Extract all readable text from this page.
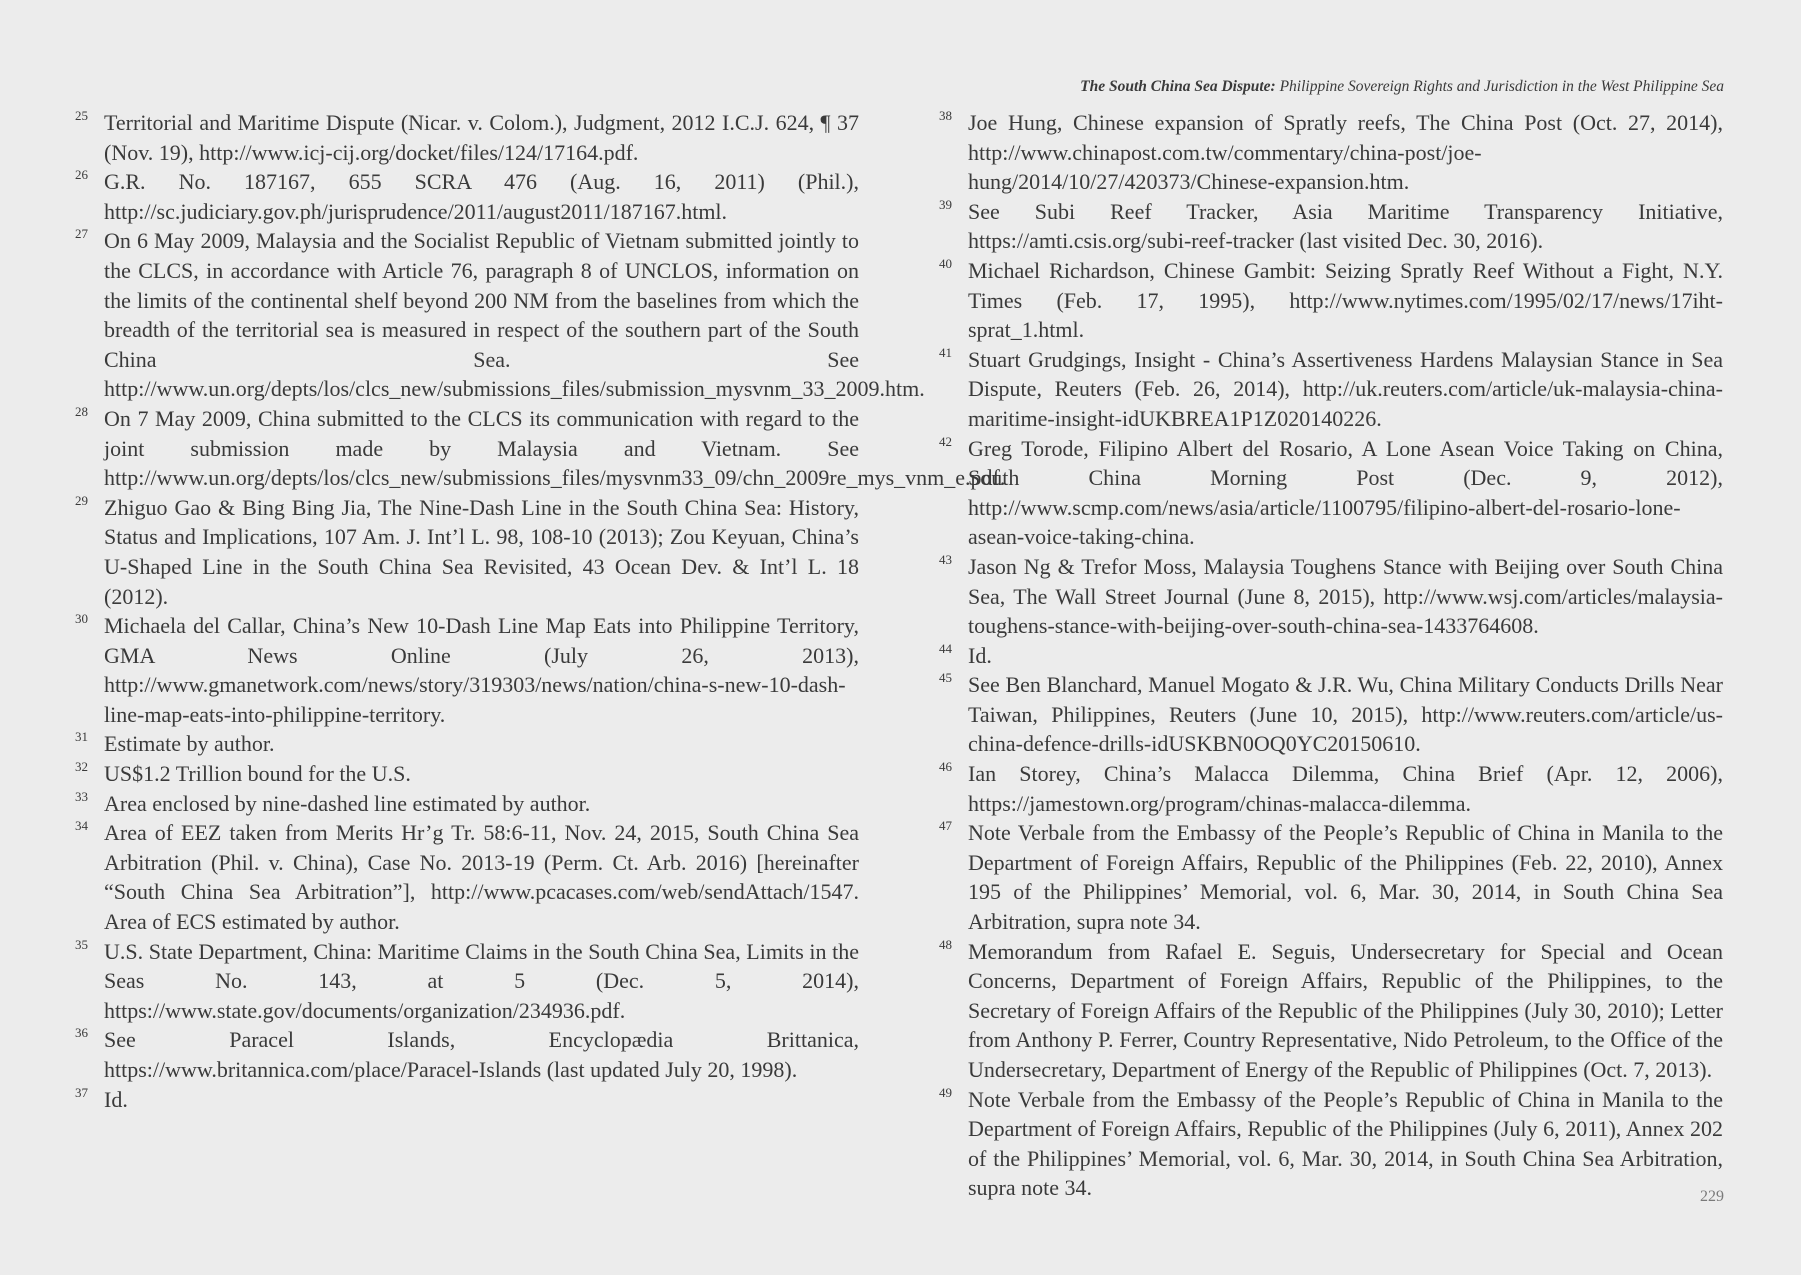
The South China Sea Dispute: Philippine Sovereign Rights and Jurisdiction in the West Philippine Sea
25 Territorial and Maritime Dispute (Nicar. v. Colom.), Judgment, 2012 I.C.J. 624, ¶ 37 (Nov. 19), http://www.icj-cij.org/docket/files/124/17164.pdf.
26 G.R. No. 187167, 655 SCRA 476 (Aug. 16, 2011) (Phil.), http://sc.judiciary.gov.ph/jurisprudence/2011/august2011/187167.html.
27 On 6 May 2009, Malaysia and the Socialist Republic of Vietnam submitted jointly to the CLCS, in accordance with Article 76, paragraph 8 of UNCLOS, information on the limits of the continental shelf beyond 200 NM from the baselines from which the breadth of the territorial sea is measured in respect of the southern part of the South China Sea. See http://www.un.org/depts/los/clcs_new/submissions_files/submission_mysvnm_33_2009.htm.
28 On 7 May 2009, China submitted to the CLCS its communication with regard to the joint submission made by Malaysia and Vietnam. See http://www.un.org/depts/los/clcs_new/submissions_files/mysvnm33_09/chn_2009re_mys_vnm_e.pdf.
29 Zhiguo Gao & Bing Bing Jia, The Nine-Dash Line in the South China Sea: History, Status and Implications, 107 Am. J. Int’l L. 98, 108-10 (2013); Zou Keyuan, China’s U-Shaped Line in the South China Sea Revisited, 43 Ocean Dev. & Int’l L. 18 (2012).
30 Michaela del Callar, China’s New 10-Dash Line Map Eats into Philippine Territory, GMA News Online (July 26, 2013), http://www.gmanetwork.com/news/story/319303/news/nation/china-s-new-10-dash-line-map-eats-into-philippine-territory.
31 Estimate by author.
32 US$1.2 Trillion bound for the U.S.
33 Area enclosed by nine-dashed line estimated by author.
34 Area of EEZ taken from Merits Hr’g Tr. 58:6-11, Nov. 24, 2015, South China Sea Arbitration (Phil. v. China), Case No. 2013-19 (Perm. Ct. Arb. 2016) [hereinafter “South China Sea Arbitration”], http://www.pcacases.com/web/sendAttach/1547. Area of ECS estimated by author.
35 U.S. State Department, China: Maritime Claims in the South China Sea, Limits in the Seas No. 143, at 5 (Dec. 5, 2014), https://www.state.gov/documents/organization/234936.pdf.
36 See Paracel Islands, Encyclopædia Brittanica, https://www.britannica.com/place/Paracel-Islands (last updated July 20, 1998).
37 Id.
38 Joe Hung, Chinese expansion of Spratly reefs, The China Post (Oct. 27, 2014), http://www.chinapost.com.tw/commentary/china-post/joe-hung/2014/10/27/420373/Chinese-expansion.htm.
39 See Subi Reef Tracker, Asia Maritime Transparency Initiative, https://amti.csis.org/subi-reef-tracker (last visited Dec. 30, 2016).
40 Michael Richardson, Chinese Gambit: Seizing Spratly Reef Without a Fight, N.Y. Times (Feb. 17, 1995), http://www.nytimes.com/1995/02/17/news/17iht-sprat_1.html.
41 Stuart Grudgings, Insight - China’s Assertiveness Hardens Malaysian Stance in Sea Dispute, Reuters (Feb. 26, 2014), http://uk.reuters.com/article/uk-malaysia-china-maritime-insight-idUKBREA1P1Z020140226.
42 Greg Torode, Filipino Albert del Rosario, A Lone Asean Voice Taking on China, South China Morning Post (Dec. 9, 2012), http://www.scmp.com/news/asia/article/1100795/filipino-albert-del-rosario-lone-asean-voice-taking-china.
43 Jason Ng & Trefor Moss, Malaysia Toughens Stance with Beijing over South China Sea, The Wall Street Journal (June 8, 2015), http://www.wsj.com/articles/malaysia-toughens-stance-with-beijing-over-south-china-sea-1433764608.
44 Id.
45 See Ben Blanchard, Manuel Mogato & J.R. Wu, China Military Conducts Drills Near Taiwan, Philippines, Reuters (June 10, 2015), http://www.reuters.com/article/us-china-defence-drills-idUSKBN0OQ0YC20150610.
46 Ian Storey, China’s Malacca Dilemma, China Brief (Apr. 12, 2006), https://jamestown.org/program/chinas-malacca-dilemma.
47 Note Verbale from the Embassy of the People’s Republic of China in Manila to the Department of Foreign Affairs, Republic of the Philippines (Feb. 22, 2010), Annex 195 of the Philippines’ Memorial, vol. 6, Mar. 30, 2014, in South China Sea Arbitration, supra note 34.
48 Memorandum from Rafael E. Seguis, Undersecretary for Special and Ocean Concerns, Department of Foreign Affairs, Republic of the Philippines, to the Secretary of Foreign Affairs of the Republic of the Philippines (July 30, 2010); Letter from Anthony P. Ferrer, Country Representative, Nido Petroleum, to the Office of the Undersecretary, Department of Energy of the Republic of Philippines (Oct. 7, 2013).
49 Note Verbale from the Embassy of the People’s Republic of China in Manila to the Department of Foreign Affairs, Republic of the Philippines (July 6, 2011), Annex 202 of the Philippines’ Memorial, vol. 6, Mar. 30, 2014, in South China Sea Arbitration, supra note 34.	229
